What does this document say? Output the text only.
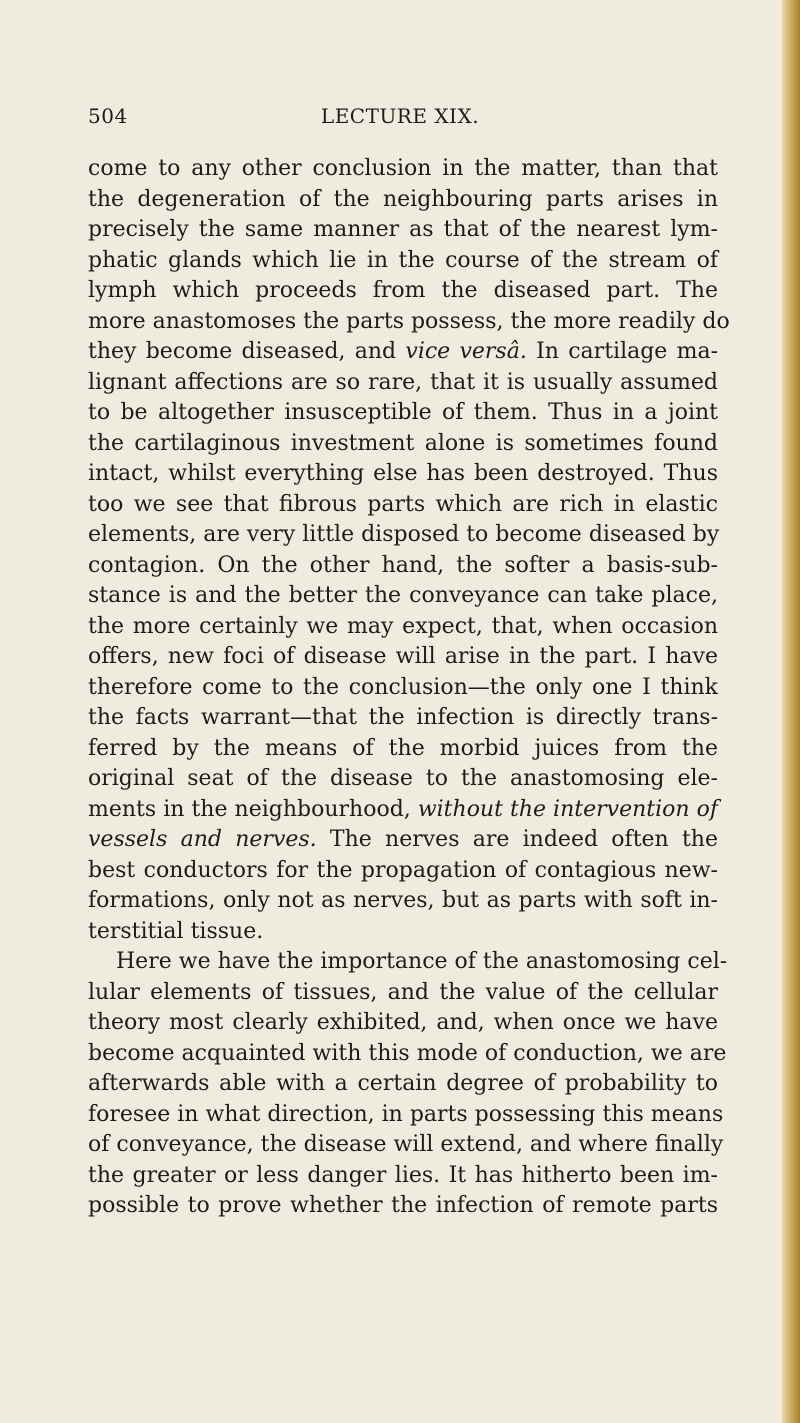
504	LECTURE XIX.
come to any other conclusion in the matter, than that
the degeneration of the neighbouring parts arises in
precisely the same manner as that of the nearest lym-
phatic glands which lie in the course of the stream of
lymph which proceeds from the diseased part. The
more anastomoses the parts possess, the more readily do
they become diseased, and vice versâ. In cartilage ma-
lignant affections are so rare, that it is usually assumed
to be altogether insusceptible of them. Thus in a joint
the cartilaginous investment alone is sometimes found
intact, whilst everything else has been destroyed. Thus
too we see that fibrous parts which are rich in elastic
elements, are very little disposed to become diseased by
contagion. On the other hand, the softer a basis-sub-
stance is and the better the conveyance can take place,
the more certainly we may expect, that, when occasion
offers, new foci of disease will arise in the part. I have
therefore come to the conclusion—the only one I think
the facts warrant—that the infection is directly trans-
ferred by the means of the morbid juices from the
original seat of the disease to the anastomosing ele-
ments in the neighbourhood, without the intervention of
vessels and nerves. The nerves are indeed often the
best conductors for the propagation of contagious new-
formations, only not as nerves, but as parts with soft in-
terstitial tissue.
Here we have the importance of the anastomosing cel-
lular elements of tissues, and the value of the cellular
theory most clearly exhibited, and, when once we have
become acquainted with this mode of conduction, we are
afterwards able with a certain degree of probability to
foresee in what direction, in parts possessing this means
of conveyance, the disease will extend, and where finally
the greater or less danger lies. It has hitherto been im-
possible to prove whether the infection of remote parts
